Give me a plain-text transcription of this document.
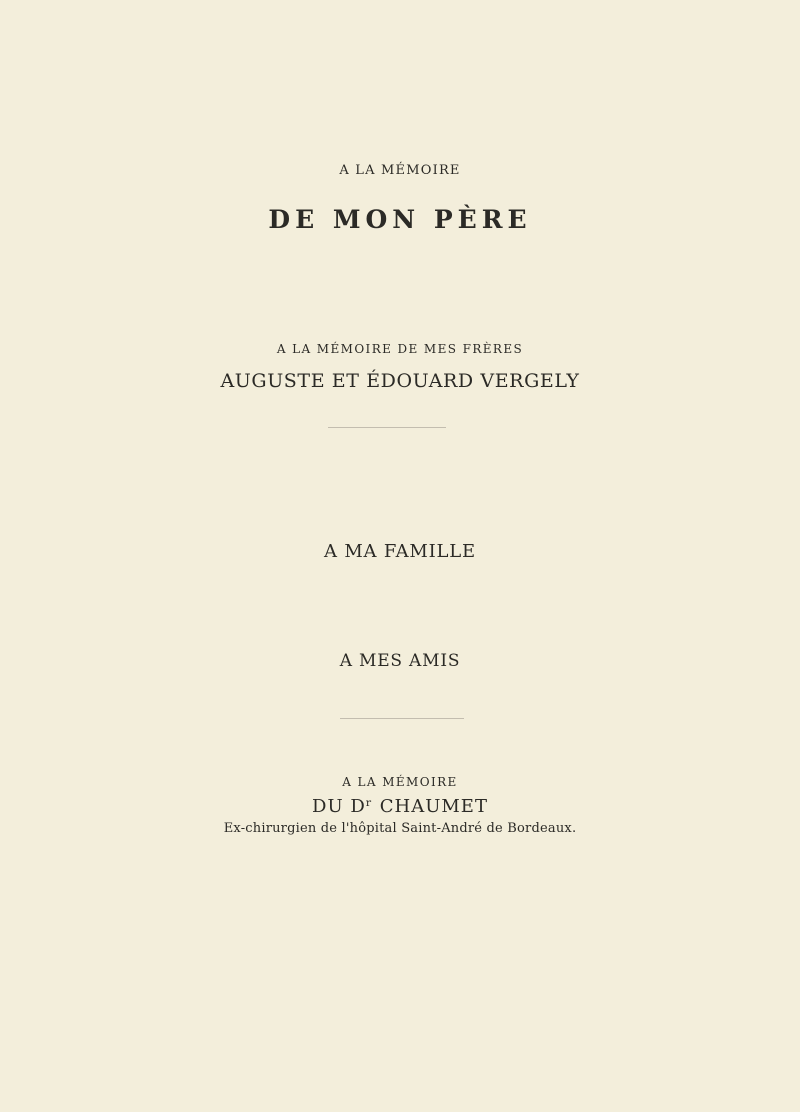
A LA MÉMOIRE
DE MON PÈRE
A LA MÉMOIRE DE MES FRÈRES
AUGUSTE ET ÉDOUARD VERGELY
A MA FAMILLE
A MES AMIS
A LA MÉMOIRE
DU Dʳ CHAUMET
Ex-chirurgien de l'hôpital Saint-André de Bordeaux.
